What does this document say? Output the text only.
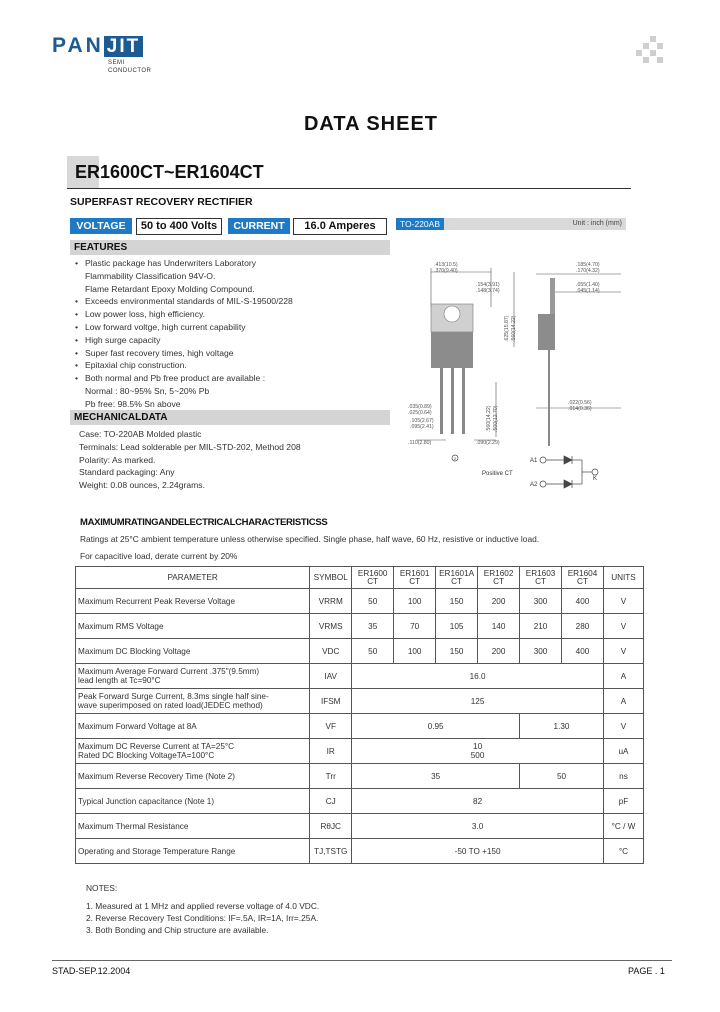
PAN JIT
SEMI
CONDUCTOR
DATA SHEET
ER1600CT~ER1604CT
SUPERFAST RECOVERY RECTIFIER
VOLTAGE	50 to 400 Volts	CURRENT	16.0 Amperes	TO-220AB	Unit : inch (mm)
2
.413(10.5)
.370(9.40)
.185(4.70)
.170(4.32)
.055(1.40)
.045(1.14)
.154(3.91)
.148(3.74)
.625(15.87) .560(14.22)
.035(0.89)
.025(0.64)
.110(2.80)	.090(2.29)
.560(14.22) .500(12.70)
.022(0.56)
.014(0.36)
.105(2.67)
.095(2.41)
A1
K
A2
Positive CT
FEATURES
• Plastic package has Underwriters Laboratory
Flammability Classification 94V-O.
Flame Retardant Epoxy Molding Compound.
• Exceeds environmental standards of MIL-S-19500/228
• Low power loss, high efficiency.
• Low forward voltge, high current capability
• High surge capacity
• Super fast recovery times, high voltage
• Epitaxial chip construction.
• Both normal and Pb free product are available :
Normal : 80~95% Sn, 5~20% Pb
Pb free: 98.5% Sn above
MECHANICALDATA
Case: TO-220AB Molded plastic
Terminals: Lead solderable per MIL-STD-202, Method 208
Polarity: As marked.
Standard packaging: Any
Weight: 0.08 ounces, 2.24grams.
MAXIMUMRATINGANDELECTRICALCHARACTERISTICSS
Ratings at 25°C ambient temperature unless otherwise specified. Single phase, half wave, 60 Hz, resistive or inductive load.
For capacitive load, derate current by 20%
PARAMETER	SYMBOL	ER1600
CT	ER1601
CT	ER1601A
CT	ER1602
CT	ER1603
CT	ER1604
CT	UNITS
Maximum Recurrent Peak Reverse Voltage	VRRM	50	100	150	200	300	400	V
Maximum RMS Voltage	VRMS	35	70	105	140	210	280	V
Maximum DC Blocking Voltage	VDC	50	100	150	200	300	400	V
Maximum Average Forward Current .375"(9.5mm)
lead length at Tc=90°C	IAV	16.0						A
Peak Forward Surge Current, 8.3ms single half sine-
wave superimposed on rated load(JEDEC method)	IFSM	125						A
Maximum Forward Voltage at 8A	VF	0.95				1.30		V
Maximum DC Reverse Current at TA=25°C
Rated DC Blocking VoltageTA=100°C	IR	10
500						uA
Maximum Reverse Recovery Time (Note 2)	Trr	35				50		ns
Typical Junction capacitance (Note 1)	CJ	82						pF
Maximum Thermal Resistance	RθJC	3.0						°C / W
Operating and Storage Temperature Range	TJ,TSTG	-50 TO +150						°C
NOTES:
1. Measured at 1 MHz and applied reverse voltage of 4.0 VDC.
2. Reverse Recovery Test Conditions: IF=.5A, IR=1A, Irr=.25A.
3. Both Bonding and Chip structure are available.
STAD-SEP.12.2004	PAGE . 1
